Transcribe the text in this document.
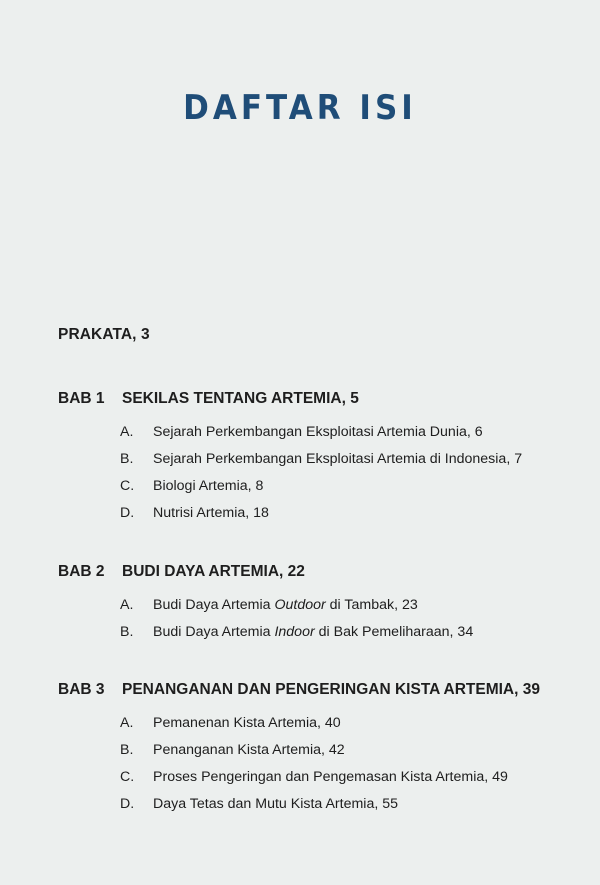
DAFTAR ISI
PRAKATA, 3
BAB 1	SEKILAS TENTANG ARTEMIA, 5
A.	Sejarah Perkembangan Eksploitasi Artemia Dunia, 6
B.	Sejarah Perkembangan Eksploitasi Artemia di Indonesia, 7
C.	Biologi Artemia, 8
D.	Nutrisi Artemia, 18
BAB 2	BUDI DAYA ARTEMIA, 22
A.	Budi Daya Artemia Outdoor di Tambak, 23
B.	Budi Daya Artemia Indoor di Bak Pemeliharaan, 34
BAB 3	PENANGANAN DAN PENGERINGAN KISTA ARTEMIA, 39
A.	Pemanenan Kista Artemia, 40
B.	Penanganan Kista Artemia, 42
C.	Proses Pengeringan dan Pengemasan Kista Artemia, 49
D.	Daya Tetas dan Mutu Kista Artemia, 55
